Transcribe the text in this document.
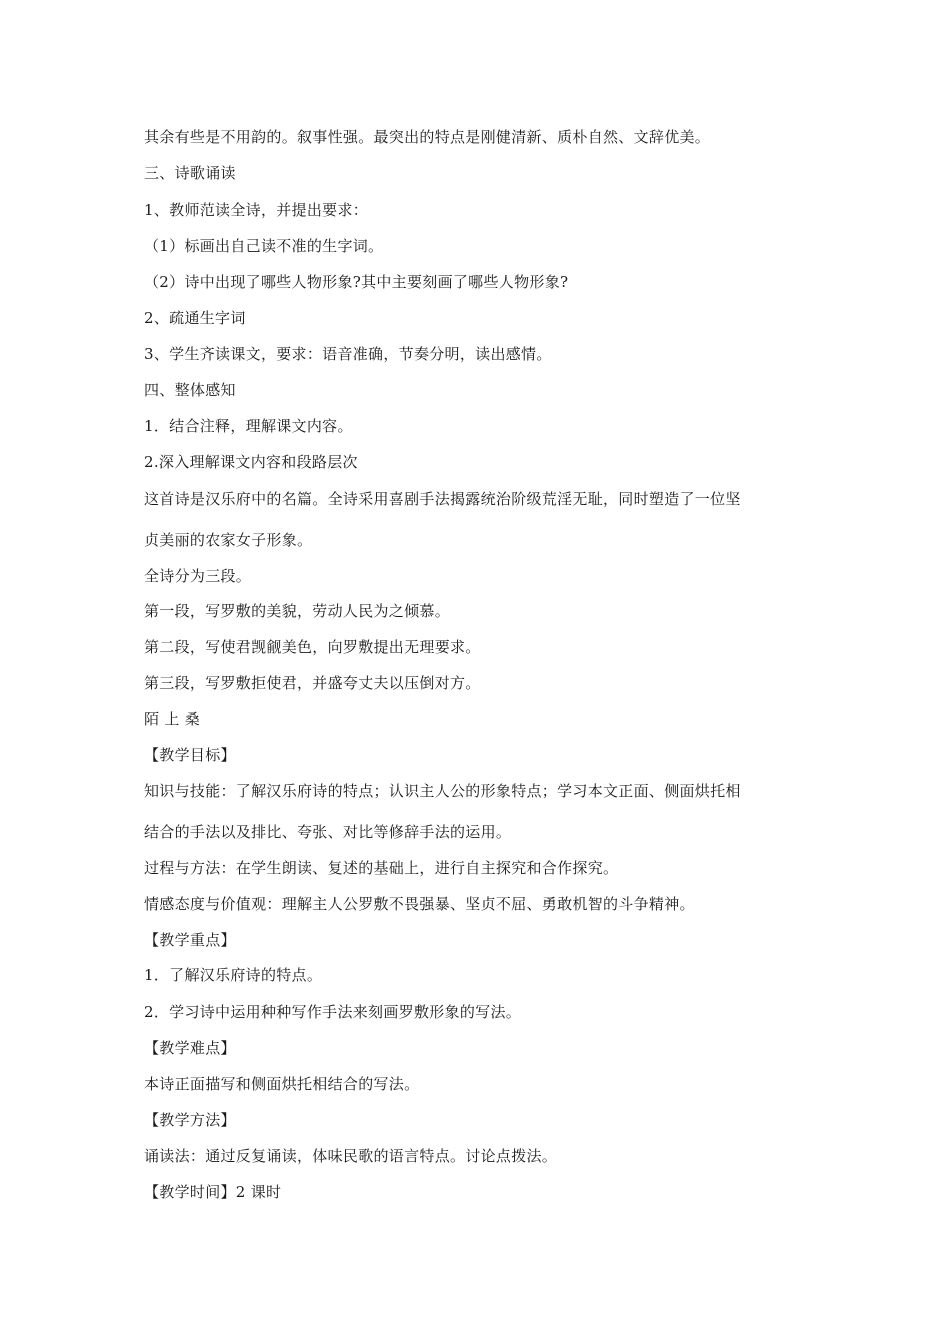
其余有些是不用韵的。叙事性强。最突出的特点是刚健清新、质朴自然、文辞优美。
三、诗歌诵读
1、教师范读全诗，并提出要求：
（1）标画出自己读不准的生字词。
（2）诗中出现了哪些人物形象?其中主要刻画了哪些人物形象?
2、疏通生字词
3、学生齐读课文，要求：语音准确，节奏分明，读出感情。
四、整体感知
1．结合注释，理解课文内容。
2.深入理解课文内容和段路层次
这首诗是汉乐府中的名篇。全诗采用喜剧手法揭露统治阶级荒淫无耻，同时塑造了一位坚
贞美丽的农家女子形象。
全诗分为三段。
第一段，写罗敷的美貌，劳动人民为之倾慕。
第二段，写使君觊觎美色，向罗敷提出无理要求。
第三段，写罗敷拒使君，并盛夸丈夫以压倒对方。
陌 上 桑
【教学目标】
知识与技能：了解汉乐府诗的特点；认识主人公的形象特点；学习本文正面、侧面烘托相
结合的手法以及排比、夸张、对比等修辞手法的运用。
过程与方法：在学生朗读、复述的基础上，进行自主探究和合作探究。
情感态度与价值观：理解主人公罗敷不畏强暴、坚贞不屈、勇敢机智的斗争精神。
【教学重点】
1．了解汉乐府诗的特点。
2．学习诗中运用种种写作手法来刻画罗敷形象的写法。
【教学难点】
本诗正面描写和侧面烘托相结合的写法。
【教学方法】
诵读法：通过反复诵读，体味民歌的语言特点。讨论点拨法。
【教学时间】2 课时
